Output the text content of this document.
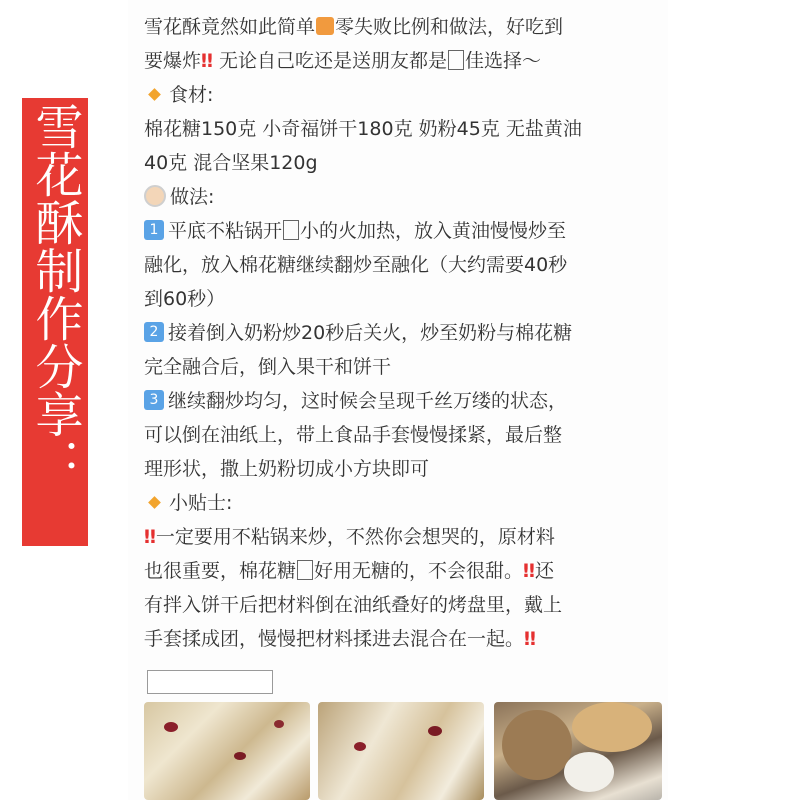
雪花酥制作分享：
雪花酥竟然如此简单 零失败比例和做法，好吃到
要爆炸‼ 无论自己吃还是送朋友都是 佳选择～
食材:
棉花糖150克 小奇福饼干180克 奶粉45克 无盐黄油
40克 混合坚果120g
做法:
1 平底不粘锅开 小的火加热，放入黄油慢慢炒至
融化，放入棉花糖继续翻炒至融化（大约需要40秒
到60秒）
2 接着倒入奶粉炒20秒后关火，炒至奶粉与棉花糖
完全融合后，倒入果干和饼干
3 继续翻炒均匀，这时候会呈现千丝万缕的状态，
可以倒在油纸上，带上食品手套慢慢揉紧，最后整
理形状，撒上奶粉切成小方块即可
小贴士:
‼一定要用不粘锅来炒，不然你会想哭的，原材料
也很重要，棉花糖 好用无糖的，不会很甜。‼还
有拌入饼干后把材料倒在油纸叠好的烤盘里，戴上
手套揉成团，慢慢把材料揉进去混合在一起。‼
